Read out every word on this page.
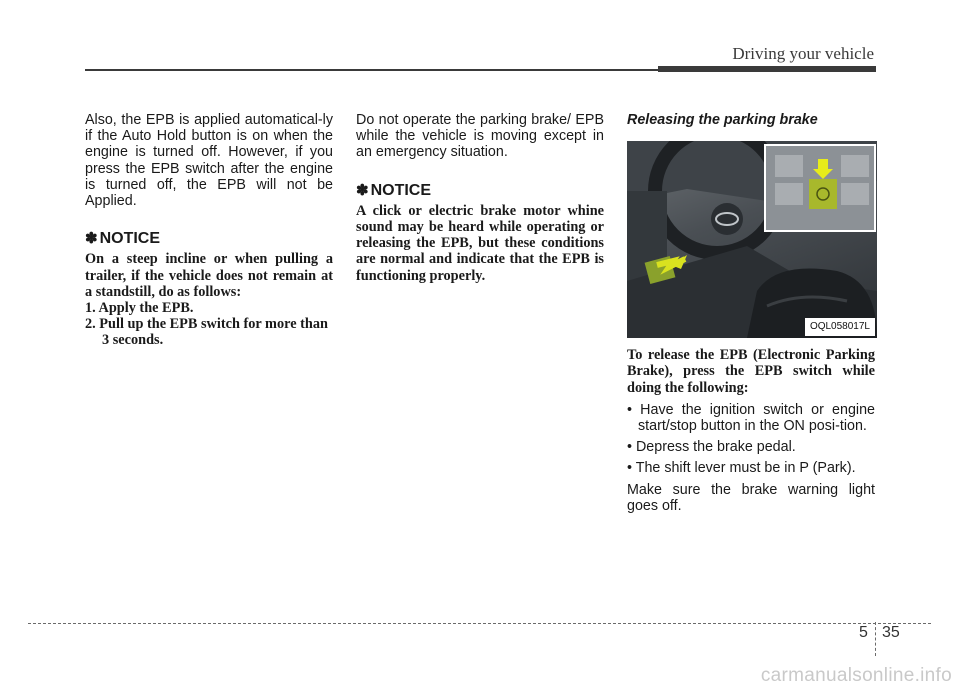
Driving your vehicle

Also, the EPB is applied automatical-ly if the Auto Hold button is on when the engine is turned off. However, if you press the EPB switch after the engine is turned off, the EPB will not be Applied.

✽ NOTICE

On a steep incline or when pulling a trailer, if the vehicle does not remain at a standstill, do as follows:

1. Apply the EPB.
2. Pull up the EPB switch for more than 3 seconds.

Do not operate the parking brake/ EPB while the vehicle is moving except in an emergency situation.

✽ NOTICE

A click or electric brake motor whine sound may be heard while operating or releasing the EPB, but these conditions are normal and indicate that the EPB is functioning properly.

Releasing the parking brake
OQL058017L

To release the EPB (Electronic Parking Brake), press the EPB switch while doing the following:

• Have the ignition switch or engine start/stop button in the ON posi-tion.

• Depress the brake pedal.

• The shift lever must be in P (Park).

Make sure the brake warning light goes off.

5 35
carmanualsonline.info
